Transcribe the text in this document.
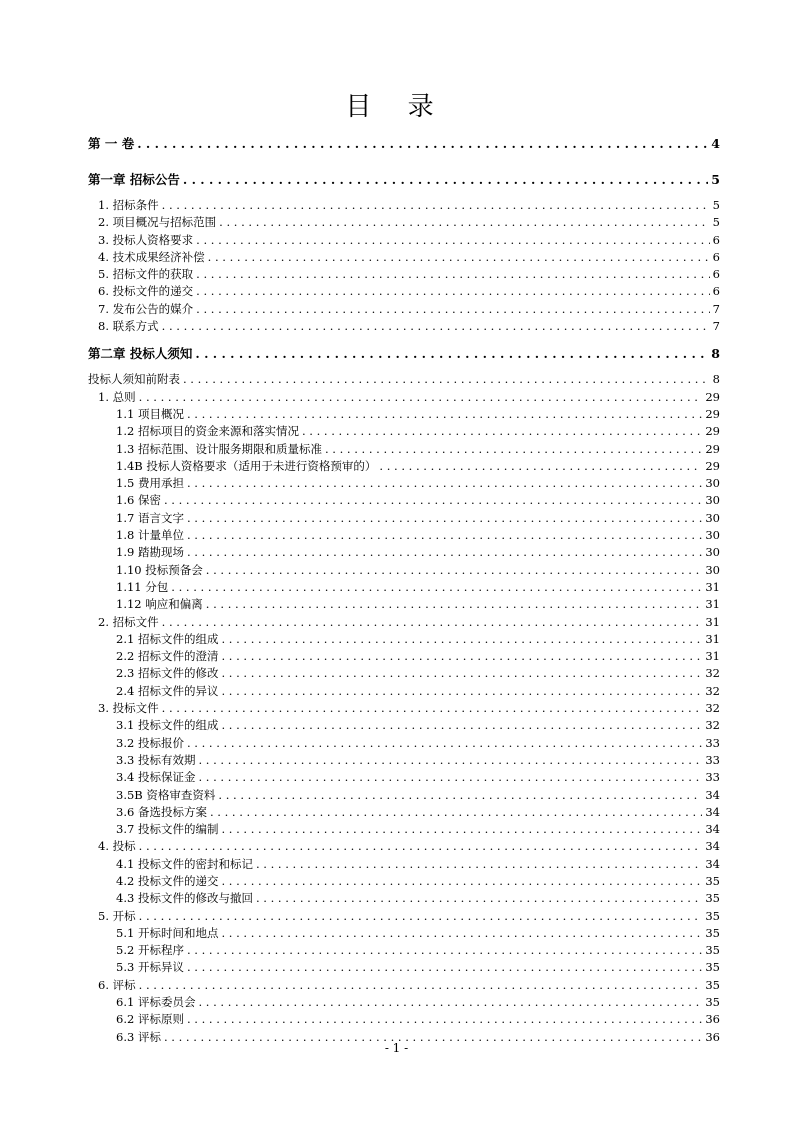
目 录
第 一 卷 . . .	4
第一章 招标公告 . . .	5
1. 招标条件 . . .	5
2. 项目概况与招标范围 . . .	5
3. 投标人资格要求 . . .	6
4. 技术成果经济补偿 . . .	6
5. 招标文件的获取 . . .	6
6. 投标文件的递交 . . .	6
7. 发布公告的媒介 . . .	7
8. 联系方式 . . .	7
第二章 投标人须知 . . .	8
投标人须知前附表 . . .	8
1. 总则 . . .	29
1.1 项目概况 . . .	29
1.2 招标项目的资金来源和落实情况 . . .	29
1.3 招标范围、设计服务期限和质量标准 . . .	29
1.4B 投标人资格要求（适用于未进行资格预审的） . . .	29
1.5 费用承担 . . .	30
1.6 保密 . . .	30
1.7 语言文字 . . .	30
1.8 计量单位 . . .	30
1.9 踏勘现场 . . .	30
1.10 投标预备会 . . .	30
1.11 分包 . . .	31
1.12 响应和偏离 . . .	31
2. 招标文件 . . .	31
2.1 招标文件的组成 . . .	31
2.2 招标文件的澄清 . . .	31
2.3 招标文件的修改 . . .	32
2.4 招标文件的异议 . . .	32
3. 投标文件 . . .	32
3.1 投标文件的组成 . . .	32
3.2 投标报价 . . .	33
3.3 投标有效期 . . .	33
3.4 投标保证金 . . .	33
3.5B 资格审查资料 . . .	34
3.6 备选投标方案 . . .	34
3.7 投标文件的编制 . . .	34
4. 投标 . . .	34
4.1 投标文件的密封和标记 . . .	34
4.2 投标文件的递交 . . .	35
4.3 投标文件的修改与撤回 . . .	35
5. 开标 . . .	35
5.1 开标时间和地点 . . .	35
5.2 开标程序 . . .	35
5.3 开标异议 . . .	35
6. 评标 . . .	35
6.1 评标委员会 . . .	35
6.2 评标原则 . . .	36
6.3 评标 . . .	36
- 1 -
